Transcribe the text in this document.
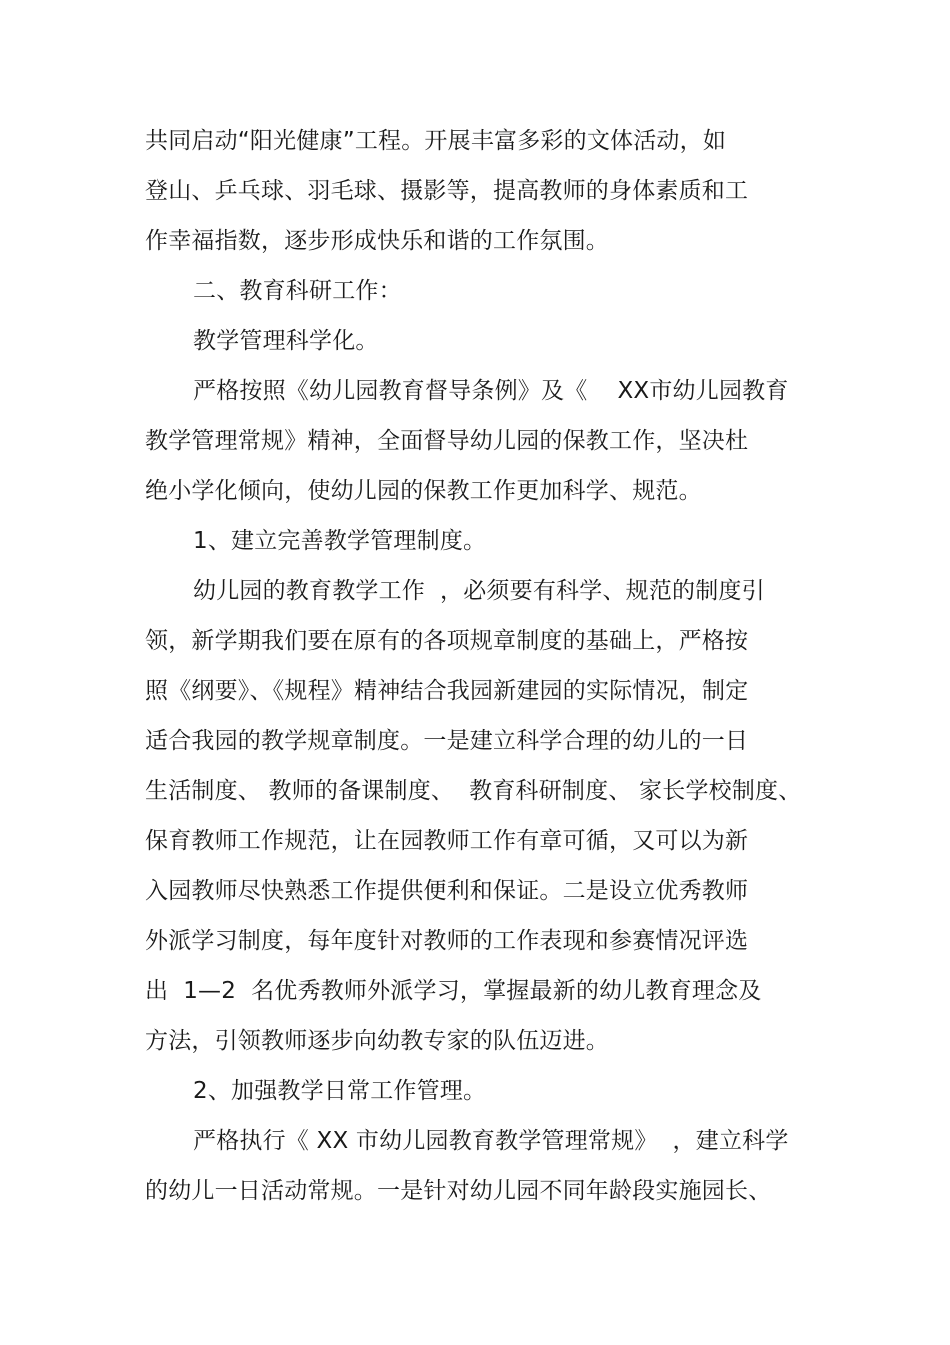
共同启动“阳光健康”工程。开展丰富多彩的文体活动，如
登山、乒乓球、羽毛球、摄影等，提高教师的身体素质和工
作幸福指数，逐步形成快乐和谐的工作氛围。
二、教育科研工作：
教学管理科学化。
严格按照《幼儿园教育督导条例》及《    XX市幼儿园教育
教学管理常规》精神，全面督导幼儿园的保教工作，坚决杜
绝小学化倾向，使幼儿园的保教工作更加科学、规范。
1、建立完善教学管理制度。
幼儿园的教育教学工作  ，必须要有科学、规范的制度引
领，新学期我们要在原有的各项规章制度的基础上，严格按
照《纲要》、《规程》精神结合我园新建园的实际情况，制定
适合我园的教学规章制度。一是建立科学合理的幼儿的一日
生活制度、 教师的备课制度、  教育科研制度、 家长学校制度、
保育教师工作规范，让在园教师工作有章可循，又可以为新
入园教师尽快熟悉工作提供便利和保证。二是设立优秀教师
外派学习制度，每年度针对教师的工作表现和参赛情况评选
出  1—2  名优秀教师外派学习，掌握最新的幼儿教育理念及
方法，引领教师逐步向幼教专家的队伍迈进。
2、加强教学日常工作管理。
严格执行《 XX 市幼儿园教育教学管理常规》  ，建立科学
的幼儿一日活动常规。一是针对幼儿园不同年龄段实施园长、
